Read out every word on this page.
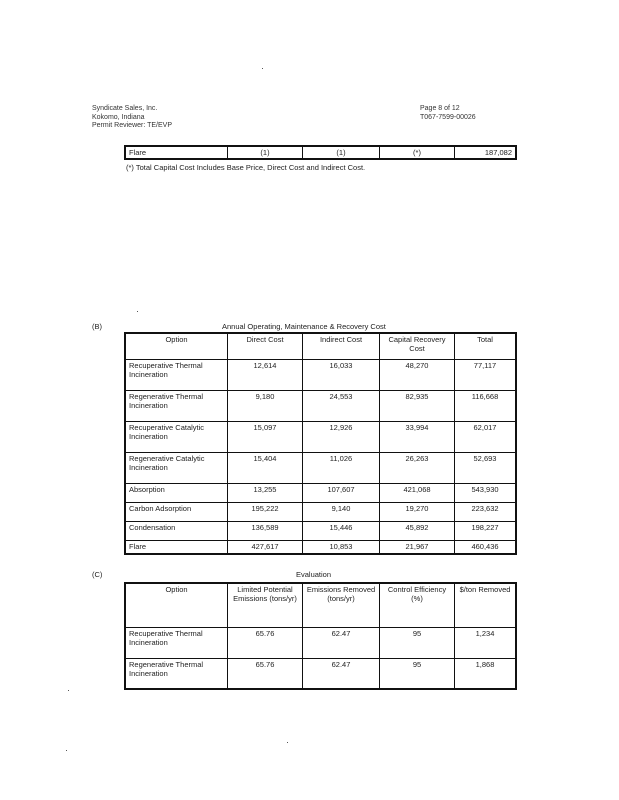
Syndicate Sales, Inc.
Kokomo, Indiana
Permit Reviewer: TE/EVP
Page 8 of 12
T067-7599-00026
Flare	(1)	(1)	(*)	187,082
(*) Total Capital Cost Includes Base Price, Direct Cost and Indirect Cost.
(B)	Annual Operating, Maintenance & Recovery Cost
Option	Direct Cost	Indirect Cost	Capital Recovery Cost	Total
Recuperative Thermal Incineration	12,614	16,033	48,270	77,117
Regenerative Thermal Incineration	9,180	24,553	82,935	116,668
Recuperative Catalytic Incineration	15,097	12,926	33,994	62,017
Regenerative Catalytic Incineration	15,404	11,026	26,263	52,693
Absorption	13,255	107,607	421,068	543,930
Carbon Adsorption	195,222	9,140	19,270	223,632
Condensation	136,589	15,446	45,892	198,227
Flare	427,617	10,853	21,967	460,436
(C)	Evaluation
Option	Limited Potential Emissions (tons/yr)	Emissions Removed (tons/yr)	Control Efficiency (%)	$/ton Removed
Recuperative Thermal Incineration	65.76	62.47	95	1,234
Regenerative Thermal Incineration	65.76	62.47	95	1,868
